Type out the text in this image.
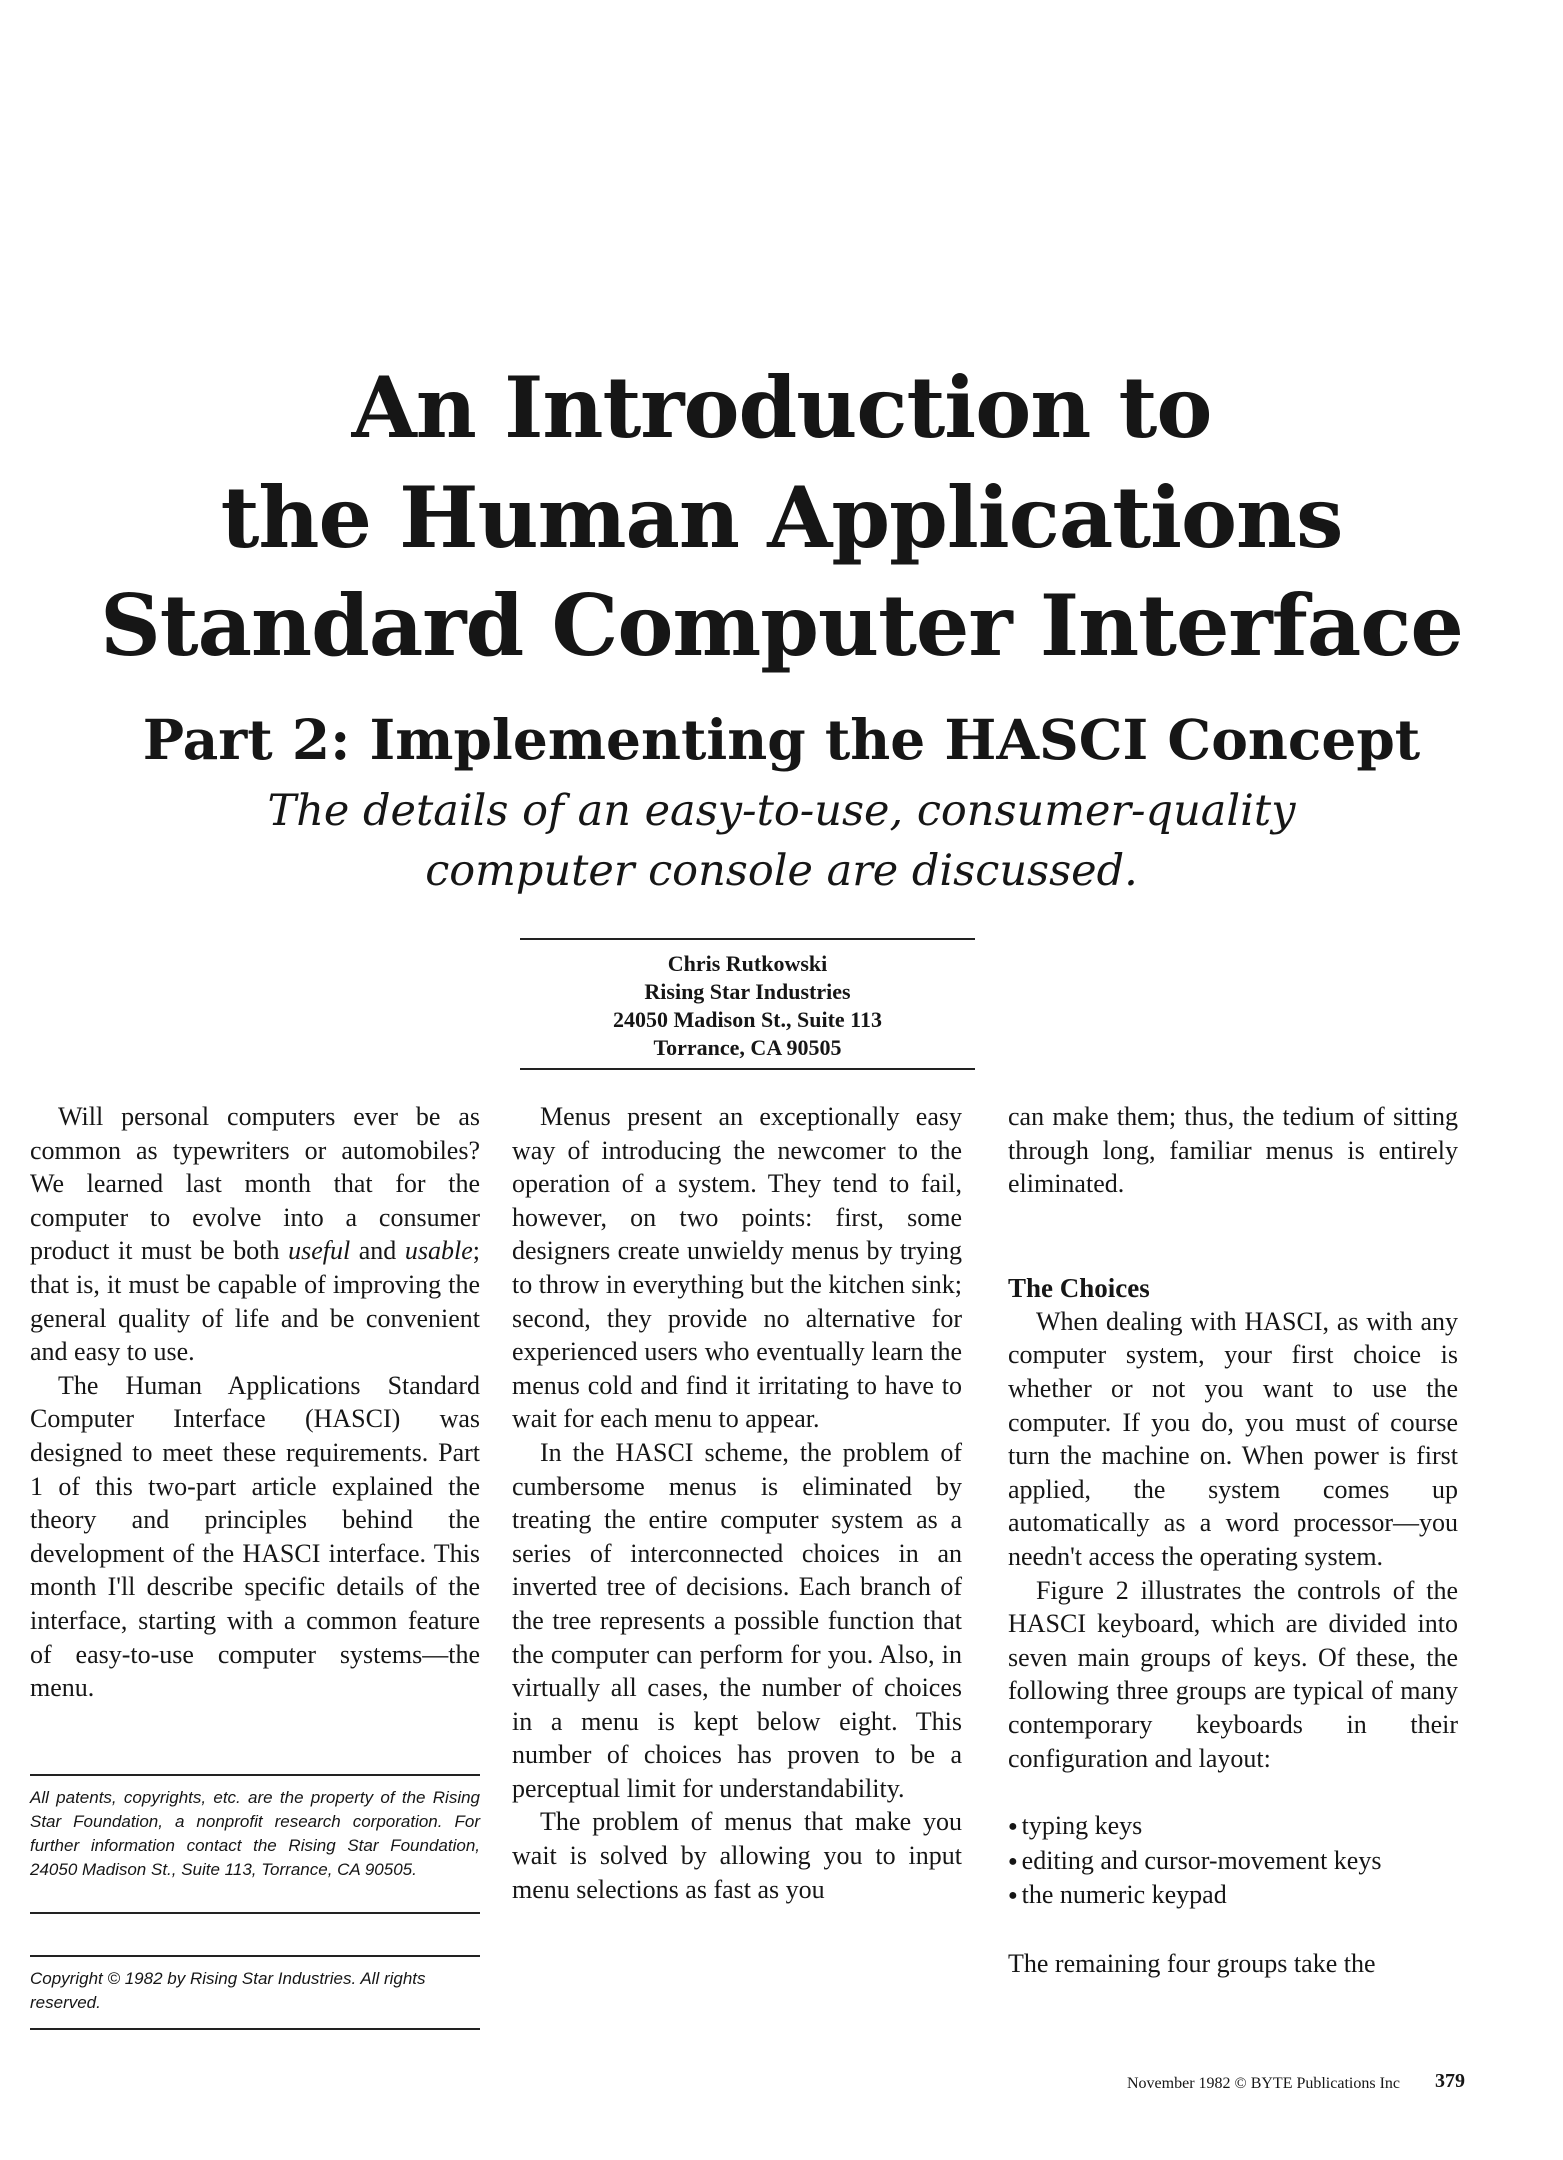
An Introduction to
the Human Applications
Standard Computer Interface
Part 2: Implementing the HASCI Concept
The details of an easy-to-use, consumer-quality
computer console are discussed.
Chris Rutkowski
Rising Star Industries
24050 Madison St., Suite 113
Torrance, CA 90505

Will personal computers ever be as common as typewriters or automobiles? We learned last month that for the computer to evolve into a consumer product it must be both useful and usable; that is, it must be capable of improving the general quality of life and be convenient and easy to use.

The Human Applications Standard Computer Interface (HASCI) was designed to meet these requirements. Part 1 of this two-part article explained the theory and principles behind the development of the HASCI interface. This month I'll describe specific details of the interface, starting with a common feature of easy-to-use computer systems—the menu.

All patents, copyrights, etc. are the property of the Rising Star Foundation, a nonprofit research corporation. For further information contact the Rising Star Foundation, 24050 Madison St., Suite 113, Torrance, CA 90505.
Copyright © 1982 by Rising Star Industries. All rights reserved.

Menus present an exceptionally easy way of introducing the newcomer to the operation of a system. They tend to fail, however, on two points: first, some designers create unwieldy menus by trying to throw in everything but the kitchen sink; second, they provide no alternative for experienced users who eventually learn the menus cold and find it irritating to have to wait for each menu to appear.

In the HASCI scheme, the problem of cumbersome menus is eliminated by treating the entire computer system as a series of interconnected choices in an inverted tree of decisions. Each branch of the tree represents a possible function that the computer can perform for you. Also, in virtually all cases, the number of choices in a menu is kept below eight. This number of choices has proven to be a perceptual limit for understandability.

The problem of menus that make you wait is solved by allowing you to input menu selections as fast as you

can make them; thus, the tedium of sitting through long, familiar menus is entirely eliminated.

The Choices

When dealing with HASCI, as with any computer system, your first choice is whether or not you want to use the computer. If you do, you must of course turn the machine on. When power is first applied, the system comes up automatically as a word processor—you needn't access the operating system.

Figure 2 illustrates the controls of the HASCI keyboard, which are divided into seven main groups of keys. Of these, the following three groups are typical of many contemporary keyboards in their configuration and layout:

● typing keys
● editing and cursor-movement keys
● the numeric keypad

The remaining four groups take the

November 1982 © BYTE Publications Inc	379
